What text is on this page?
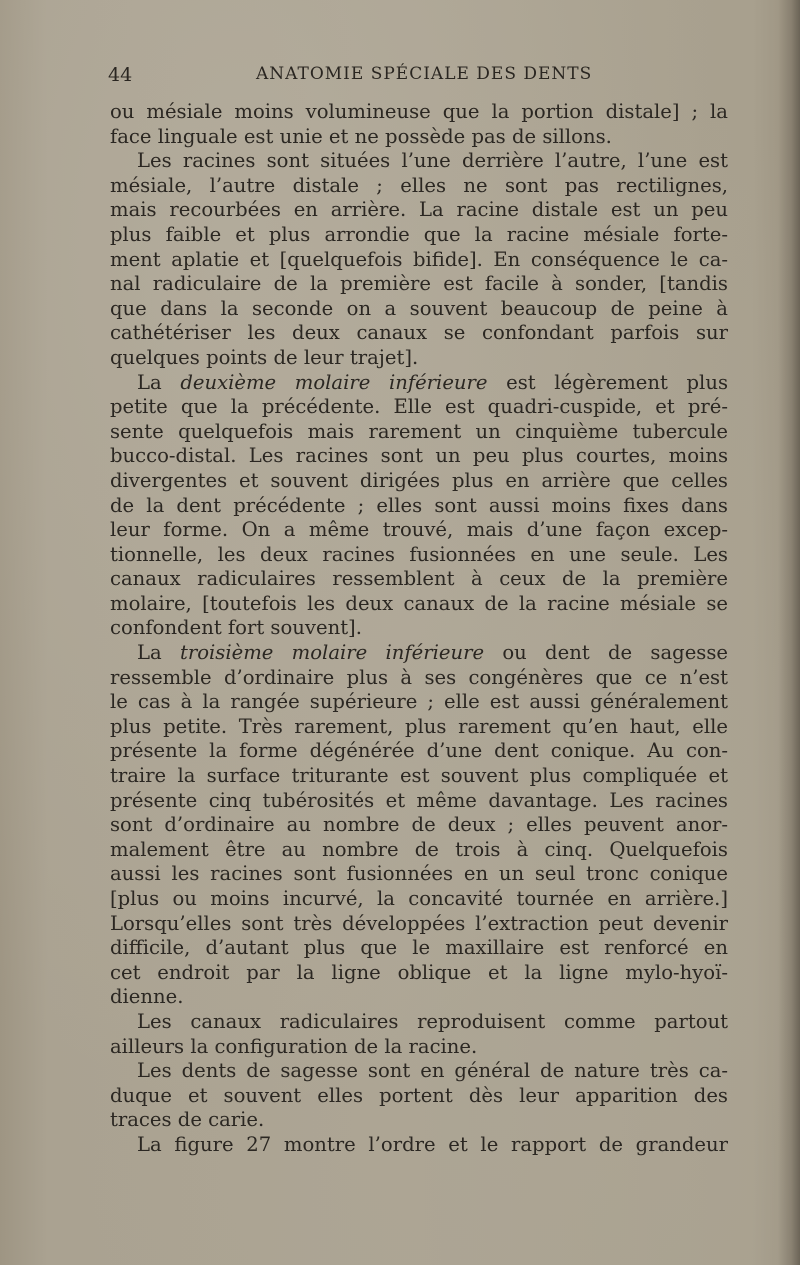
44	ANATOMIE SPÉCIALE DES DENTS
ou mésiale moins volumineuse que la portion distale] ; la
face linguale est unie et ne possède pas de sillons.
Les racines sont situées l’une derrière l’autre, l’une est
mésiale, l’autre distale ; elles ne sont pas rectilignes,
mais recourbées en arrière. La racine distale est un peu
plus faible et plus arrondie que la racine mésiale forte-
ment aplatie et [quelquefois bifide]. En conséquence le ca-
nal radiculaire de la première est facile à sonder, [tandis
que dans la seconde on a souvent beaucoup de peine à
cathétériser les deux canaux se confondant parfois sur
quelques points de leur trajet].
La deuxième molaire inférieure est légèrement plus
petite que la précédente. Elle est quadri-cuspide, et pré-
sente quelquefois mais rarement un cinquième tubercule
bucco-distal. Les racines sont un peu plus courtes, moins
divergentes et souvent dirigées plus en arrière que celles
de la dent précédente ; elles sont aussi moins fixes dans
leur forme. On a même trouvé, mais d’une façon excep-
tionnelle, les deux racines fusionnées en une seule. Les
canaux radiculaires ressemblent à ceux de la première
molaire, [toutefois les deux canaux de la racine mésiale se
confondent fort souvent].
La troisième molaire inférieure ou dent de sagesse
ressemble d’ordinaire plus à ses congénères que ce n’est
le cas à la rangée supérieure ; elle est aussi généralement
plus petite. Très rarement, plus rarement qu’en haut, elle
présente la forme dégénérée d’une dent conique. Au con-
traire la surface triturante est souvent plus compliquée et
présente cinq tubérosités et même davantage. Les racines
sont d’ordinaire au nombre de deux ; elles peuvent anor-
malement être au nombre de trois à cinq. Quelquefois
aussi les racines sont fusionnées en un seul tronc conique
[plus ou moins incurvé, la concavité tournée en arrière.]
Lorsqu’elles sont très développées l’extraction peut devenir
difficile, d’autant plus que le maxillaire est renforcé en
cet endroit par la ligne oblique et la ligne mylo-hyoï-
dienne.
Les canaux radiculaires reproduisent comme partout
ailleurs la configuration de la racine.
Les dents de sagesse sont en général de nature très ca-
duque et souvent elles portent dès leur apparition des
traces de carie.
La figure 27 montre l’ordre et le rapport de grandeur
